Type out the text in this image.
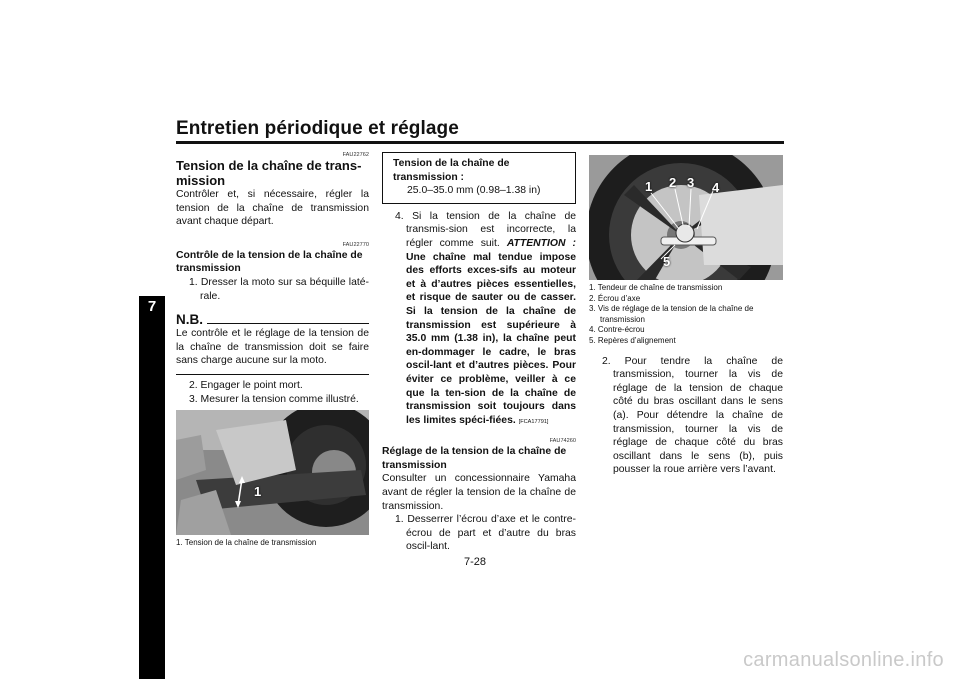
Entretien périodique et réglage
7
FAU22762
Tension de la chaîne de trans-mission
Contrôler et, si nécessaire, régler la tension de la chaîne de transmission avant chaque départ.
FAU22770
Contrôle de la tension de la chaîne de transmission
1. Dresser la moto sur sa béquille laté-rale.
N.B.
Le contrôle et le réglage de la tension de la chaîne de transmission doit se faire sans charge aucune sur la moto.
2. Engager le point mort.
3. Mesurer la tension comme illustré.
1
1. Tension de la chaîne de transmission
Tension de la chaîne de transmission :
25.0–35.0 mm (0.98–1.38 in)
4. Si la tension de la chaîne de transmis-sion est incorrecte, la régler comme suit. ATTENTION : Une chaîne mal tendue impose des efforts exces-sifs au moteur et à d’autres pièces essentielles, et risque de sauter ou de casser. Si la tension de la chaîne de transmission est supérieure à 35.0 mm (1.38 in), la chaîne peut en-dommager le cadre, le bras oscil-lant et d’autres pièces. Pour éviter ce problème, veiller à ce que la ten-sion de la chaîne de transmission soit toujours dans les limites spéci-fiées. [FCA17791]
FAU74260
Réglage de la tension de la chaîne de transmission
Consulter un concessionnaire Yamaha avant de régler la tension de la chaîne de transmission.
1. Desserrer l’écrou d’axe et le contre-écrou de part et d’autre du bras oscil-lant.
1 2 3 4
5
1. Tendeur de chaîne de transmission
2. Écrou d’axe
3. Vis de réglage de la tension de la chaîne de
transmission
4. Contre-écrou
5. Repères d’alignement
2. Pour tendre la chaîne de transmission, tourner la vis de réglage de la tension de chaque côté du bras oscillant dans le sens (a). Pour détendre la chaîne de transmission, tourner la vis de réglage de chaque côté du bras oscillant dans le sens (b), puis pousser la roue arrière vers l’avant.
7-28
carmanualsonline.info
